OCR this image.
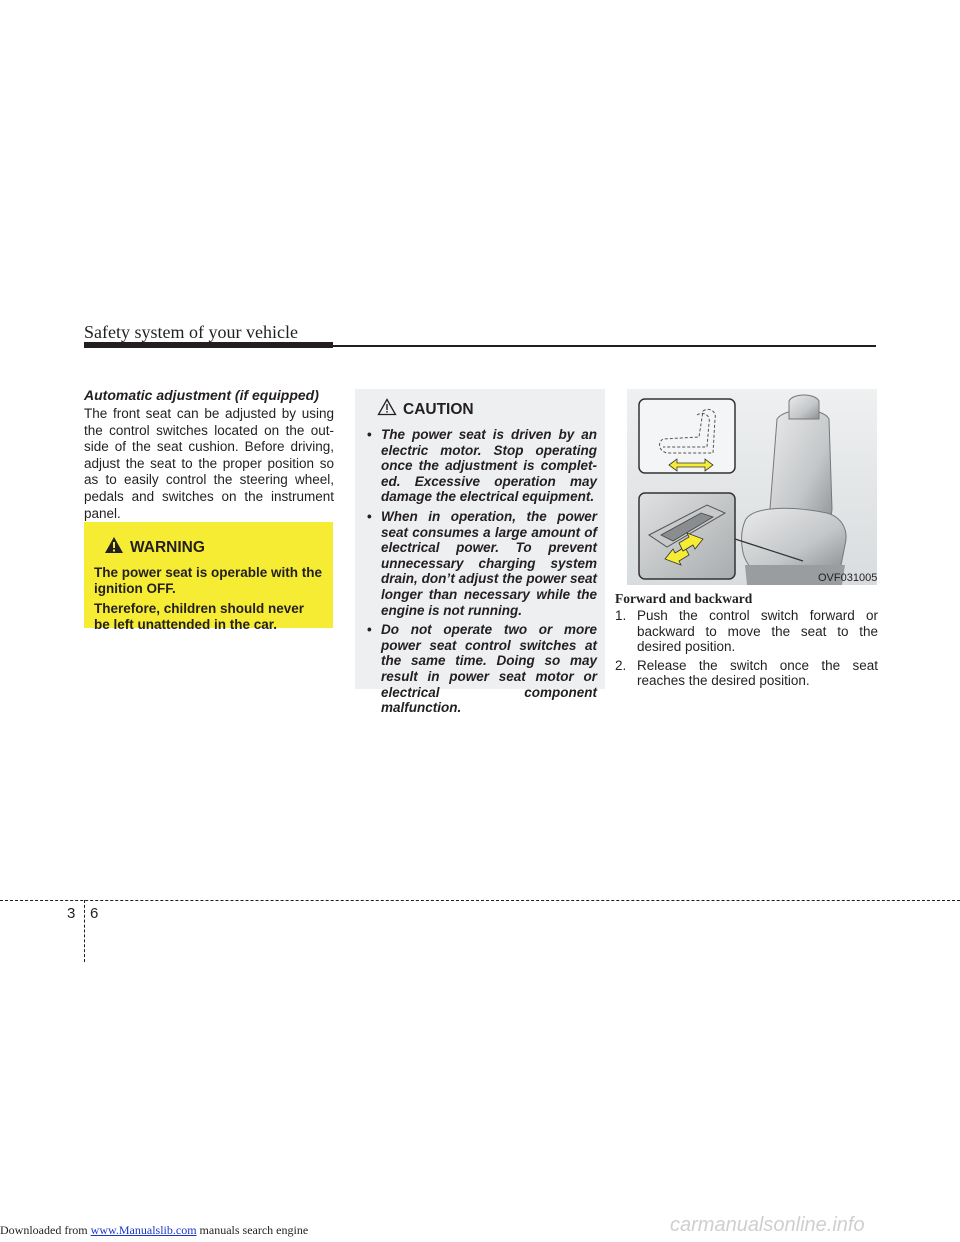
Safety system of your vehicle
Automatic adjustment (if equipped)
The front seat can be adjusted by using the control switches located on the out-side of the seat cushion. Before driving, adjust the seat to the proper position so as to easily control the steering wheel, pedals and switches on the instrument panel.
WARNING

The power seat is operable with the ignition OFF.

Therefore, children should never be left unattended in the car.

CAUTION
• The power seat is driven by an electric motor. Stop operating once the adjustment is complet-ed. Excessive operation may damage the electrical equipment.
• When in operation, the power seat consumes a large amount of electrical power. To prevent unnecessary charging system drain, don’t adjust the power seat longer than necessary while the engine is not running.
• Do not operate two or more power seat control switches at the same time. Doing so may result in power seat motor or electrical component malfunction.
OVF031005
Forward and backward
1. Push the control switch forward or backward to move the seat to the desired position.
2. Release the switch once the seat reaches the desired position.
3 6
Downloaded from www.Manualslib.com manuals search engine	carmanualsonline.info
